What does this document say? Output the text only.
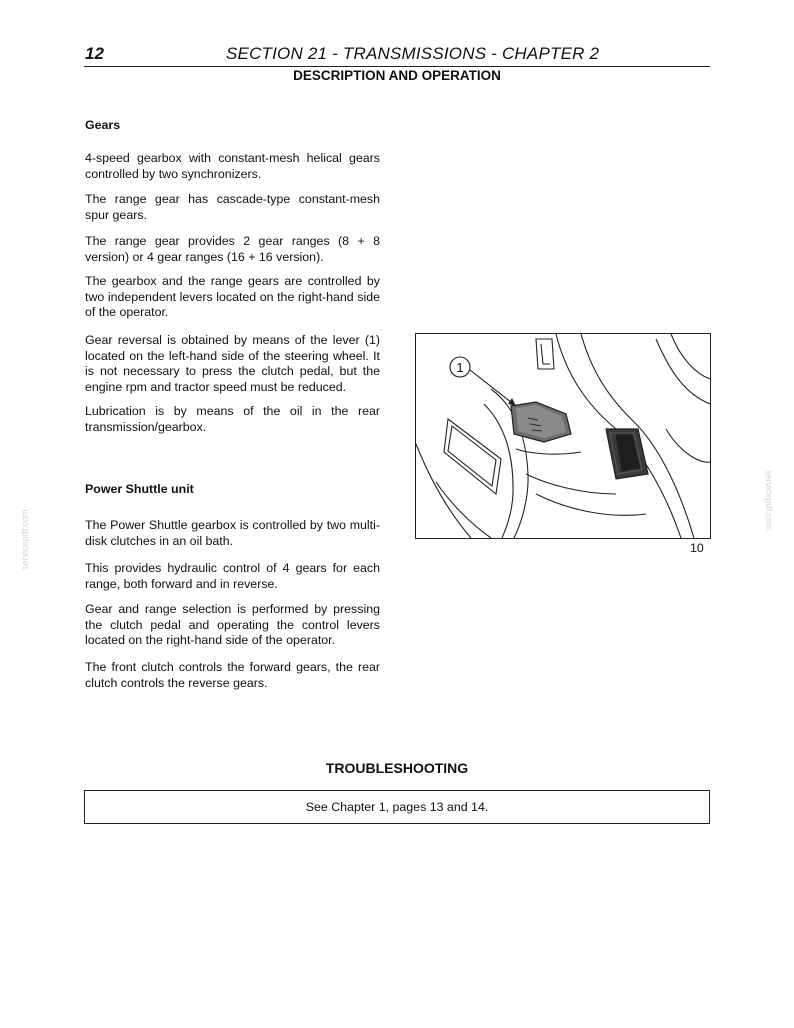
12	SECTION 21 - TRANSMISSIONS - CHAPTER 2
DESCRIPTION AND OPERATION
Gears

4-speed gearbox with constant-mesh helical gears controlled by two synchronizers.

The range gear has cascade-type constant-mesh spur gears.

The range gear provides 2 gear ranges (8 + 8 version) or 4 gear ranges (16 + 16 version).

The gearbox and the range gears are controlled by two independent levers located on the right-hand side of the operator.

Gear reversal is obtained by means of the lever (1) located on the left-hand side of the steering wheel. It is not necessary to press the clutch pedal, but the engine rpm and tractor speed must be reduced.

Lubrication is by means of the oil in the rear transmission/gearbox.

Power Shuttle unit

The Power Shuttle gearbox is controlled by two multi-disk clutches in an oil bath.

This provides hydraulic control of 4 gears for each range, both forward and in reverse.

Gear and range selection is performed by pressing the clutch pedal and operating the control levers located on the right-hand side of the operator.

The front clutch controls the forward gears, the rear clutch controls the reverse gears.

1
10
TROUBLESHOOTING
See Chapter 1, pages 13 and 14.
servicepdf.com
servicepdf.com
